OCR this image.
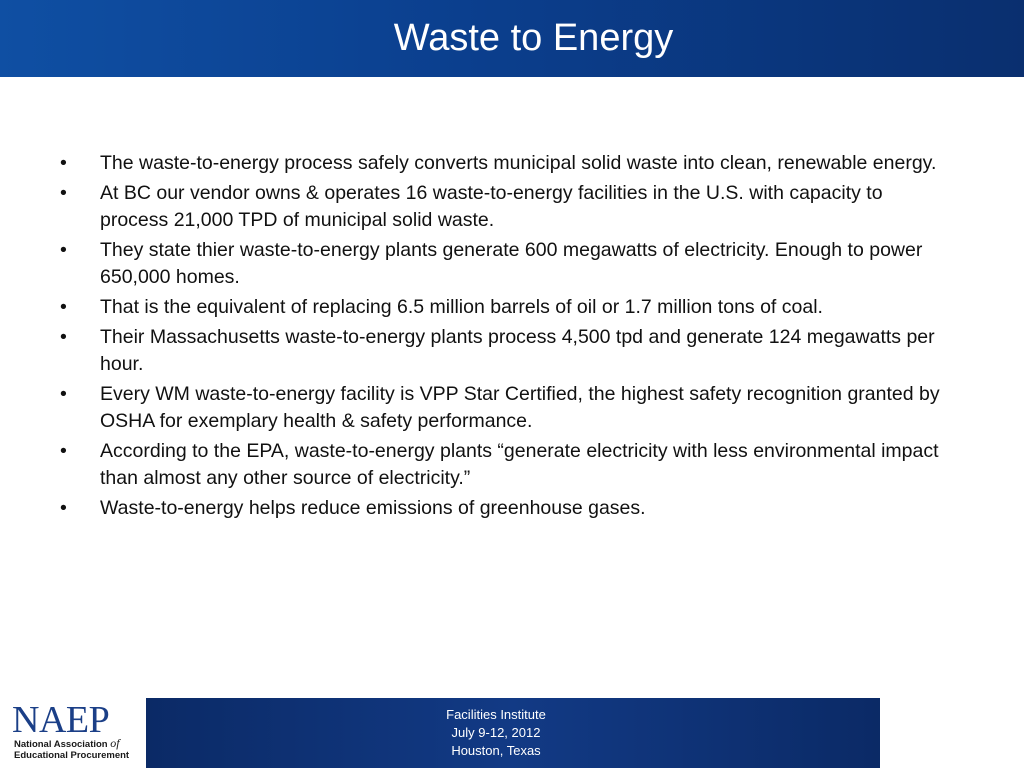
Waste to Energy
• The waste-to-energy process safely converts municipal solid waste into clean, renewable energy.
• At BC our vendor owns & operates 16 waste-to-energy facilities in the U.S. with capacity to process 21,000 TPD of municipal solid waste.
• They state thier waste-to-energy plants generate 600 megawatts of electricity. Enough to power 650,000 homes.
• That is the equivalent of replacing 6.5 million barrels of oil or 1.7 million tons of coal.
• Their Massachusetts waste-to-energy plants process 4,500 tpd and generate 124 megawatts per hour.
• Every WM waste-to-energy facility is VPP Star Certified, the highest safety recognition granted by OSHA for exemplary health & safety performance.
• According to the EPA, waste-to-energy plants “generate electricity with less environmental impact than almost any other source of electricity.”
• Waste-to-energy helps reduce emissions of greenhouse gases.
NAEP
National Association of
Educational Procurement
Facilities Institute
July 9-12, 2012
Houston, Texas
